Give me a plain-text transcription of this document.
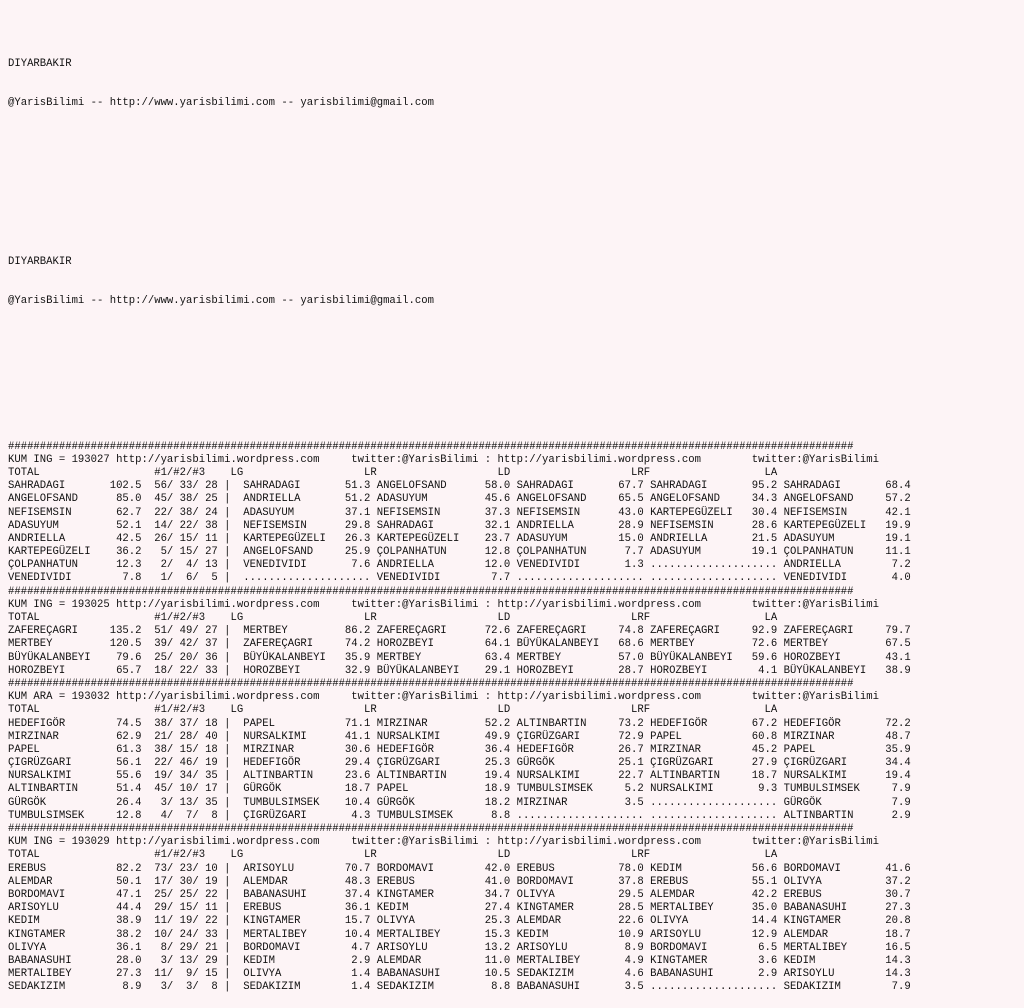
DIYARBAKIR

@YarisBilimi -- http://www.yarisbilimi.com -- yarisbilimi@gmail.com

DIYARBAKIR

@YarisBilimi -- http://www.yarisbilimi.com -- yarisbilimi@gmail.com

#####################################################################################################################################
KUM ING = 193027 http://yarisbilimi.wordpress.com     twitter:@YarisBilimi : http://yarisbilimi.wordpress.com        twitter:@YarisBilimi
TOTAL                  #1/#2/#3    LG                   LR                   LD                   LRF                  LA
SAHRADAGI       102.5  56/ 33/ 28 |  SAHRADAGI       51.3 ANGELOFSAND      58.0 SAHRADAGI       67.7 SAHRADAGI       95.2 SAHRADAGI       68.4
ANGELOFSAND      85.0  45/ 38/ 25 |  ANDRIELLA       51.2 ADASUYUM         45.6 ANGELOFSAND     65.5 ANGELOFSAND     34.3 ANGELOFSAND     57.2
NEFISEMSIN       62.7  22/ 38/ 24 |  ADASUYUM        37.1 NEFISEMSIN       37.3 NEFISEMSIN      43.0 KARTEPEGÜZELI   30.4 NEFISEMSIN      42.1
ADASUYUM         52.1  14/ 22/ 38 |  NEFISEMSIN      29.8 SAHRADAGI        32.1 ANDRIELLA       28.9 NEFISEMSIN      28.6 KARTEPEGÜZELI   19.9
ANDRIELLA        42.5  26/ 15/ 11 |  KARTEPEGÜZELI   26.3 KARTEPEGÜZELI    23.7 ADASUYUM        15.0 ANDRIELLA       21.5 ADASUYUM        19.1
KARTEPEGÜZELI    36.2   5/ 15/ 27 |  ANGELOFSAND     25.9 ÇOLPANHATUN      12.8 ÇOLPANHATUN      7.7 ADASUYUM        19.1 ÇOLPANHATUN     11.1
ÇOLPANHATUN      12.3   2/  4/ 13 |  VENEDIVIDI       7.6 ANDRIELLA        12.0 VENEDIVIDI       1.3 .................... ANDRIELLA        7.2
VENEDIVIDI        7.8   1/  6/  5 |  .................... VENEDIVIDI        7.7 .................... .................... VENEDIVIDI       4.0
#####################################################################################################################################
KUM ING = 193025 http://yarisbilimi.wordpress.com     twitter:@YarisBilimi : http://yarisbilimi.wordpress.com        twitter:@YarisBilimi
TOTAL                  #1/#2/#3    LG                   LR                   LD                   LRF                  LA
ZAFEREÇAGRI     135.2  51/ 49/ 27 |  MERTBEY         86.2 ZAFEREÇAGRI      72.6 ZAFEREÇAGRI     74.8 ZAFEREÇAGRI     92.9 ZAFEREÇAGRI     79.7
MERTBEY         120.5  39/ 42/ 37 |  ZAFEREÇAGRI     74.2 HOROZBEYI        64.1 BÜYÜKALANBEYI   68.6 MERTBEY         72.6 MERTBEY         67.5
BÜYÜKALANBEYI    79.6  25/ 20/ 36 |  BÜYÜKALANBEYI   35.9 MERTBEY          63.4 MERTBEY         57.0 BÜYÜKALANBEYI   59.6 HOROZBEYI       43.1
HOROZBEYI        65.7  18/ 22/ 33 |  HOROZBEYI       32.9 BÜYÜKALANBEYI    29.1 HOROZBEYI       28.7 HOROZBEYI        4.1 BÜYÜKALANBEYI   38.9
#####################################################################################################################################
KUM ARA = 193032 http://yarisbilimi.wordpress.com     twitter:@YarisBilimi : http://yarisbilimi.wordpress.com        twitter:@YarisBilimi
TOTAL                  #1/#2/#3    LG                   LR                   LD                   LRF                  LA
HEDEFIGÖR        74.5  38/ 37/ 18 |  PAPEL           71.1 MIRZINAR         52.2 ALTINBARTIN     73.2 HEDEFIGÖR       67.2 HEDEFIGÖR       72.2
MIRZINAR         62.9  21/ 28/ 40 |  NURSALKIMI      41.1 NURSALKIMI       49.9 ÇIGRÜZGARI      72.9 PAPEL           60.8 MIRZINAR        48.7
PAPEL            61.3  38/ 15/ 18 |  MIRZINAR        30.6 HEDEFIGÖR        36.4 HEDEFIGÖR       26.7 MIRZINAR        45.2 PAPEL           35.9
ÇIGRÜZGARI       56.1  22/ 46/ 19 |  HEDEFIGÖR       29.4 ÇIGRÜZGARI       25.3 GÜRGÖK          25.1 ÇIGRÜZGARI      27.9 ÇIGRÜZGARI      34.4
NURSALKIMI       55.6  19/ 34/ 35 |  ALTINBARTIN     23.6 ALTINBARTIN      19.4 NURSALKIMI      22.7 ALTINBARTIN     18.7 NURSALKIMI      19.4
ALTINBARTIN      51.4  45/ 10/ 17 |  GÜRGÖK          18.7 PAPEL            18.9 TUMBULSIMSEK     5.2 NURSALKIMI       9.3 TUMBULSIMSEK     7.9
GÜRGÖK           26.4   3/ 13/ 35 |  TUMBULSIMSEK    10.4 GÜRGÖK           18.2 MIRZINAR         3.5 .................... GÜRGÖK           7.9
TUMBULSIMSEK     12.8   4/  7/  8 |  ÇIGRÜZGARI       4.3 TUMBULSIMSEK      8.8 .................... .................... ALTINBARTIN      2.9
#####################################################################################################################################
KUM ING = 193029 http://yarisbilimi.wordpress.com     twitter:@YarisBilimi : http://yarisbilimi.wordpress.com        twitter:@YarisBilimi
TOTAL                  #1/#2/#3    LG                   LR                   LD                   LRF                  LA
EREBUS           82.2  73/ 23/ 10 |  ARISOYLU        70.7 BORDOMAVI        42.0 EREBUS          78.0 KEDIM           56.6 BORDOMAVI       41.6
ALEMDAR          50.1  17/ 30/ 19 |  ALEMDAR         48.3 EREBUS           41.0 BORDOMAVI       37.8 EREBUS          55.1 OLIVYA          37.2
BORDOMAVI        47.1  25/ 25/ 22 |  BABANASUHI      37.4 KINGTAMER        34.7 OLIVYA          29.5 ALEMDAR         42.2 EREBUS          30.7
ARISOYLU         44.4  29/ 15/ 11 |  EREBUS          36.1 KEDIM            27.4 KINGTAMER       28.5 MERTALIBEY      35.0 BABANASUHI      27.3
KEDIM            38.9  11/ 19/ 22 |  KINGTAMER       15.7 OLIVYA           25.3 ALEMDAR         22.6 OLIVYA          14.4 KINGTAMER       20.8
KINGTAMER        38.2  10/ 24/ 33 |  MERTALIBEY      10.4 MERTALIBEY       15.3 KEDIM           10.9 ARISOYLU        12.9 ALEMDAR         18.7
OLIVYA           36.1   8/ 29/ 21 |  BORDOMAVI        4.7 ARISOYLU         13.2 ARISOYLU         8.9 BORDOMAVI        6.5 MERTALIBEY      16.5
BABANASUHI       28.0   3/ 13/ 29 |  KEDIM            2.9 ALEMDAR          11.0 MERTALIBEY       4.9 KINGTAMER        3.6 KEDIM           14.3
MERTALIBEY       27.3  11/  9/ 15 |  OLIVYA           1.4 BABANASUHI       10.5 SEDAKIZIM        4.6 BABANASUHI       2.9 ARISOYLU        14.3
SEDAKIZIM         8.9   3/  3/  8 |  SEDAKIZIM        1.4 SEDAKIZIM         8.8 BABANASUHI       3.5 .................... SEDAKIZIM        7.9
